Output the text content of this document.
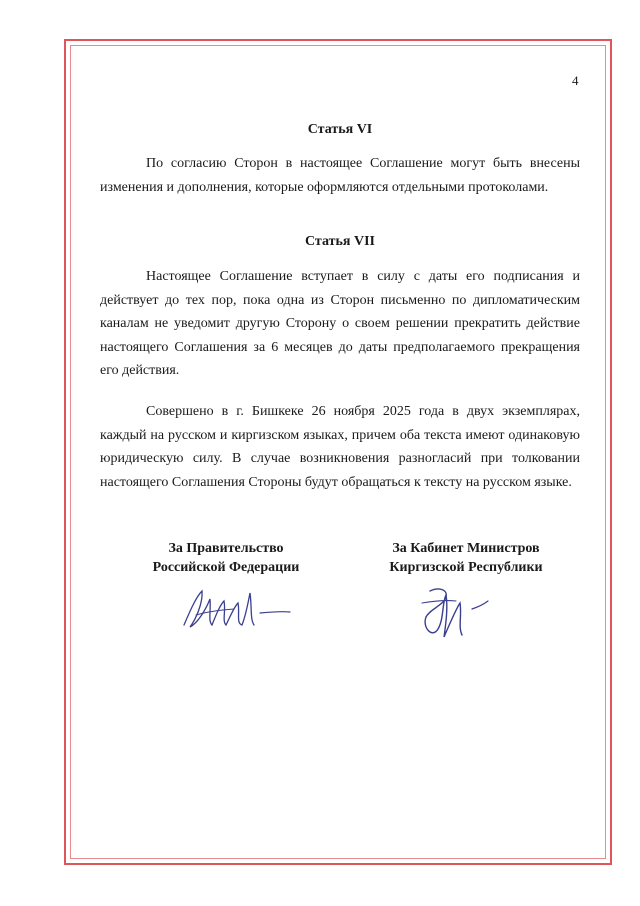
4
Статья VI

По согласию Сторон в настоящее Соглашение могут быть внесены изменения и дополнения, которые оформляются отдельными протоколами.

Статья VII

Настоящее Соглашение вступает в силу с даты его подписания и действует до тех пор, пока одна из Сторон письменно по дипломатическим каналам не уведомит другую Сторону о своем решении прекратить действие настоящего Соглашения за 6 месяцев до даты предполагаемого прекращения его действия.

Совершено в г. Бишкеке 26 ноября 2025 года в двух экземплярах, каждый на русском и киргизском языках, причем оба текста имеют одинаковую юридическую силу. В случае возникновения разногласий при толковании настоящего Соглашения Стороны будут обращаться к тексту на русском языке.

За Правительство
Российской Федерации
За Кабинет Министров
Киргизской Республики
